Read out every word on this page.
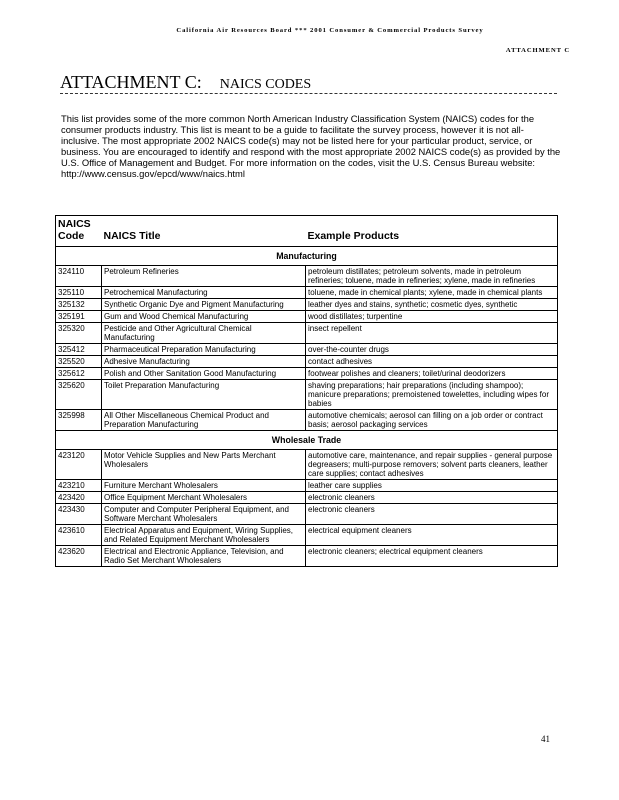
California Air Resources Board *** 2001 Consumer & Commercial Products Survey
ATTACHMENT C
ATTACHMENT C: NAICS CODES

This list provides some of the more common North American Industry Classification System (NAICS) codes for the consumer products industry. This list is meant to be a guide to facilitate the survey process, however it is not all-inclusive. The most appropriate 2002 NAICS code(s) may not be listed here for your particular product, service, or business. You are encouraged to identify and respond with the most appropriate 2002 NAICS code(s) as provided by the U.S. Office of Management and Budget. For more information on the codes, visit the U.S. Census Bureau website: http://www.census.gov/epcd/www/naics.html

NAICS Code	NAICS Title	Example Products
Manufacturing		
324110	Petroleum Refineries	petroleum distillates; petroleum solvents, made in petroleum refineries; toluene, made in refineries; xylene, made in refineries
325110	Petrochemical Manufacturing	toluene, made in chemical plants; xylene, made in chemical plants
325132	Synthetic Organic Dye and Pigment Manufacturing	leather dyes and stains, synthetic; cosmetic dyes, synthetic
325191	Gum and Wood Chemical Manufacturing	wood distillates; turpentine
325320	Pesticide and Other Agricultural Chemical Manufacturing	insect repellent
325412	Pharmaceutical Preparation Manufacturing	over-the-counter drugs
325520	Adhesive Manufacturing	contact adhesives
325612	Polish and Other Sanitation Good Manufacturing	footwear polishes and cleaners; toilet/urinal deodorizers
325620	Toilet Preparation Manufacturing	shaving preparations; hair preparations (including shampoo); manicure preparations; premoistened towelettes, including wipes for babies
325998	All Other Miscellaneous Chemical Product and Preparation Manufacturing	automotive chemicals; aerosol can filling on a job order or contract basis; aerosol packaging services
Wholesale Trade		
423120	Motor Vehicle Supplies and New Parts Merchant Wholesalers	automotive care, maintenance, and repair supplies - general purpose degreasers; multi-purpose removers; solvent parts cleaners, leather care supplies; contact adhesives
423210	Furniture Merchant Wholesalers	leather care supplies
423420	Office Equipment Merchant Wholesalers	electronic cleaners
423430	Computer and Computer Peripheral Equipment, and Software Merchant Wholesalers	electronic cleaners
423610	Electrical Apparatus and Equipment, Wiring Supplies, and Related Equipment Merchant Wholesalers	electrical equipment cleaners
423620	Electrical and Electronic Appliance, Television, and Radio Set Merchant Wholesalers	electronic cleaners; electrical equipment cleaners
41
